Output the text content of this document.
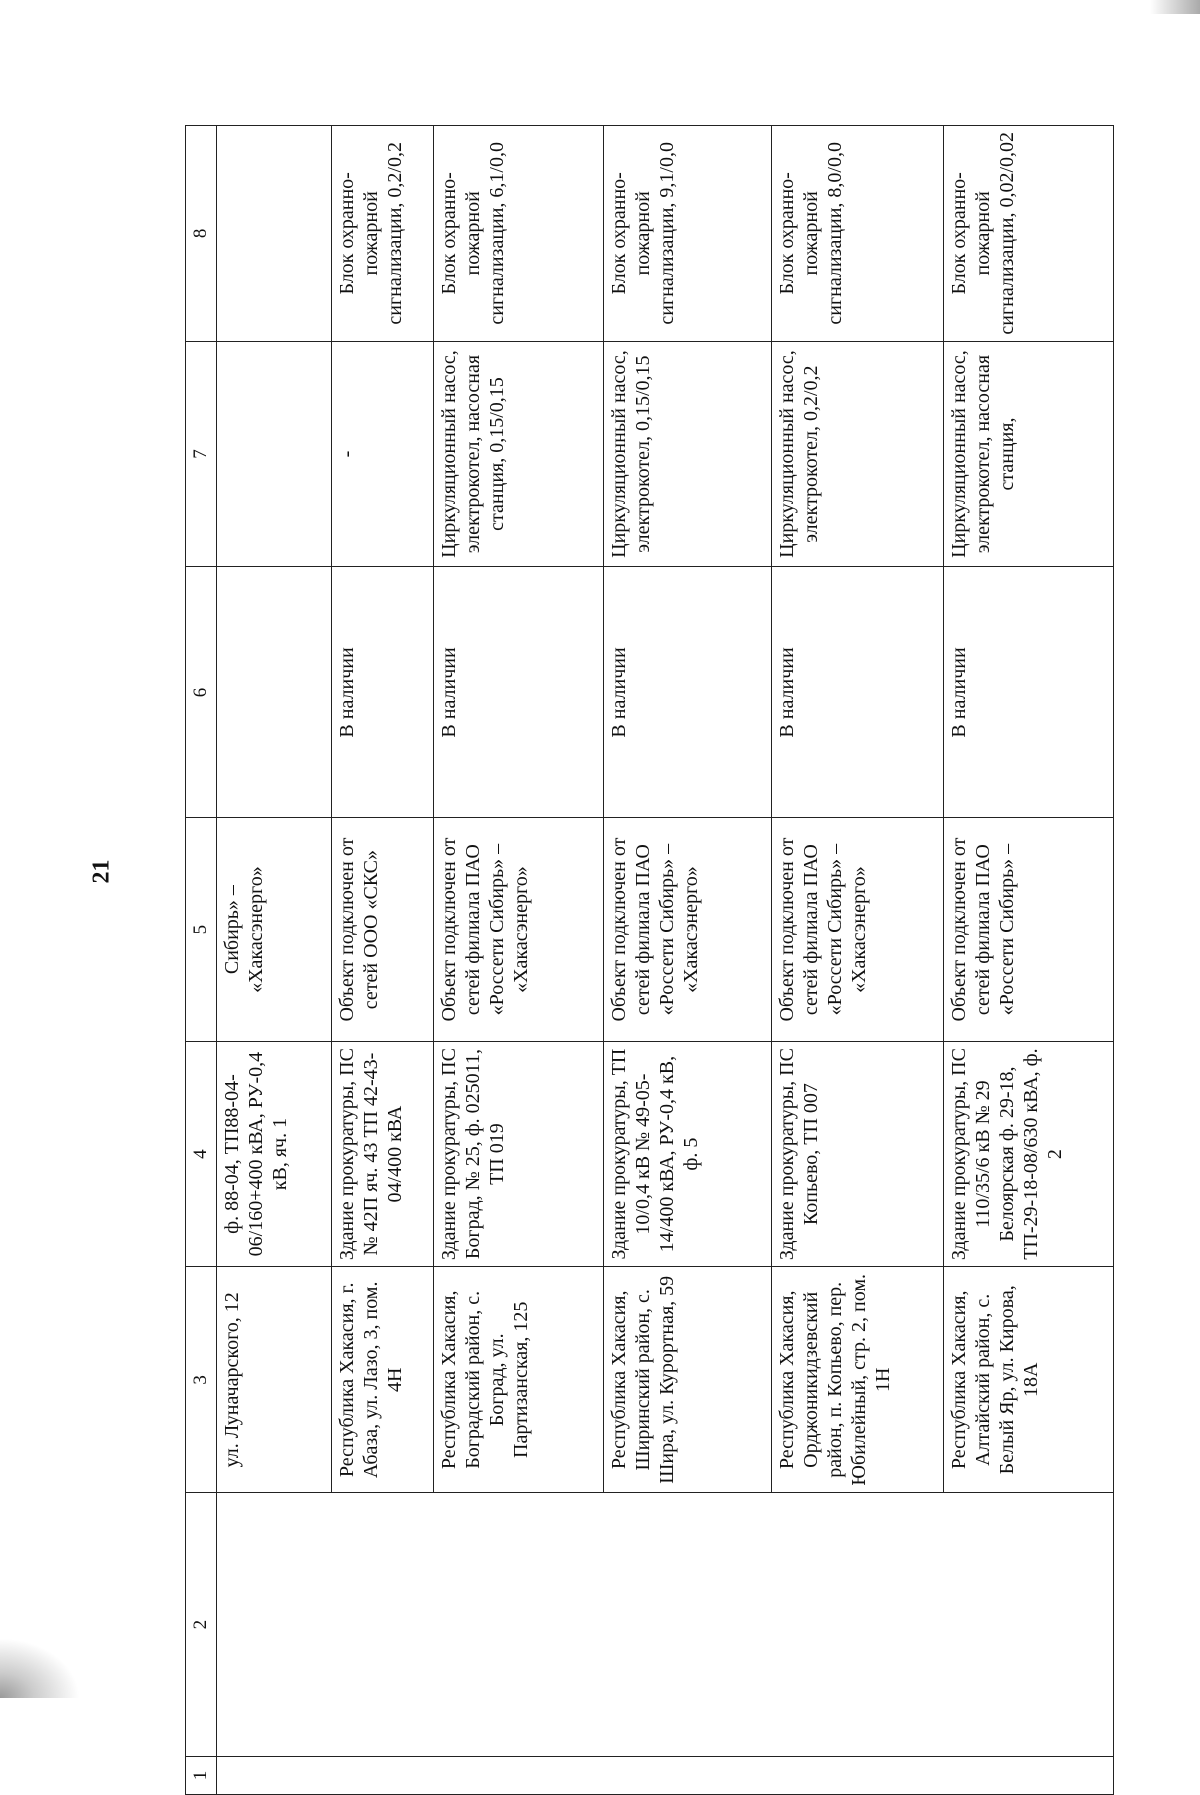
21
1	2	3	4	5	6	7	8
		ул. Луначарского, 12	ф. 88-04, ТП88-04-06/160+400 кВА, РУ-0,4 кВ, яч. 1	Сибирь» – «Хакасэнерго»			
		Республика Хакасия, г. Абаза, ул. Лазо, 3, пом. 4Н	Здание прокуратуры, ПС № 42П яч. 43 ТП 42-43-04/400 кВА	Объект подключен от сетей ООО «СКС»	В наличии	-	Блок охранно-пожарной сигнализации, 0,2/0,2
		Республика Хакасия, Боградский район, с. Боград, ул. Партизанская, 125	Здание прокуратуры, ПС Боград, № 25, ф. 025011, ТП 019	Объект подключен от сетей филиала ПАО «Россети Сибирь» – «Хакасэнерго»	В наличии	Циркуляционный насос, электрокотел, насосная станция, 0,15/0,15	Блок охранно-пожарной сигнализации, 6,1/0,0
		Республика Хакасия, Ширинский район, с. Шира, ул. Курортная, 59	Здание прокуратуры, ТП 10/0,4 кВ № 49-05-14/400 кВА, РУ-0,4 кВ, ф. 5	Объект подключен от сетей филиала ПАО «Россети Сибирь» – «Хакасэнерго»	В наличии	Циркуляционный насос, электрокотел, 0,15/0,15	Блок охранно-пожарной сигнализации, 9,1/0,0
		Республика Хакасия, Орджоникидзевский район, п. Копьево, пер. Юбилейный, стр. 2, пом. 1Н	Здание прокуратуры, ПС Копьево, ТП 007	Объект подключен от сетей филиала ПАО «Россети Сибирь» – «Хакасэнерго»	В наличии	Циркуляционный насос, электрокотел, 0,2/0,2	Блок охранно-пожарной сигнализации, 8,0/0,0
		Республика Хакасия, Алтайский район, с. Белый Яр, ул. Кирова, 18А	Здание прокуратуры, ПС 110/35/6 кВ № 29 Белоярская ф. 29-18, ТП-29-18-08/630 кВА, ф. 2	Объект подключен от сетей филиала ПАО «Россети Сибирь» –	В наличии	Циркуляционный насос, электрокотел, насосная станция,	Блок охранно-пожарной сигнализации, 0,02/0,02
